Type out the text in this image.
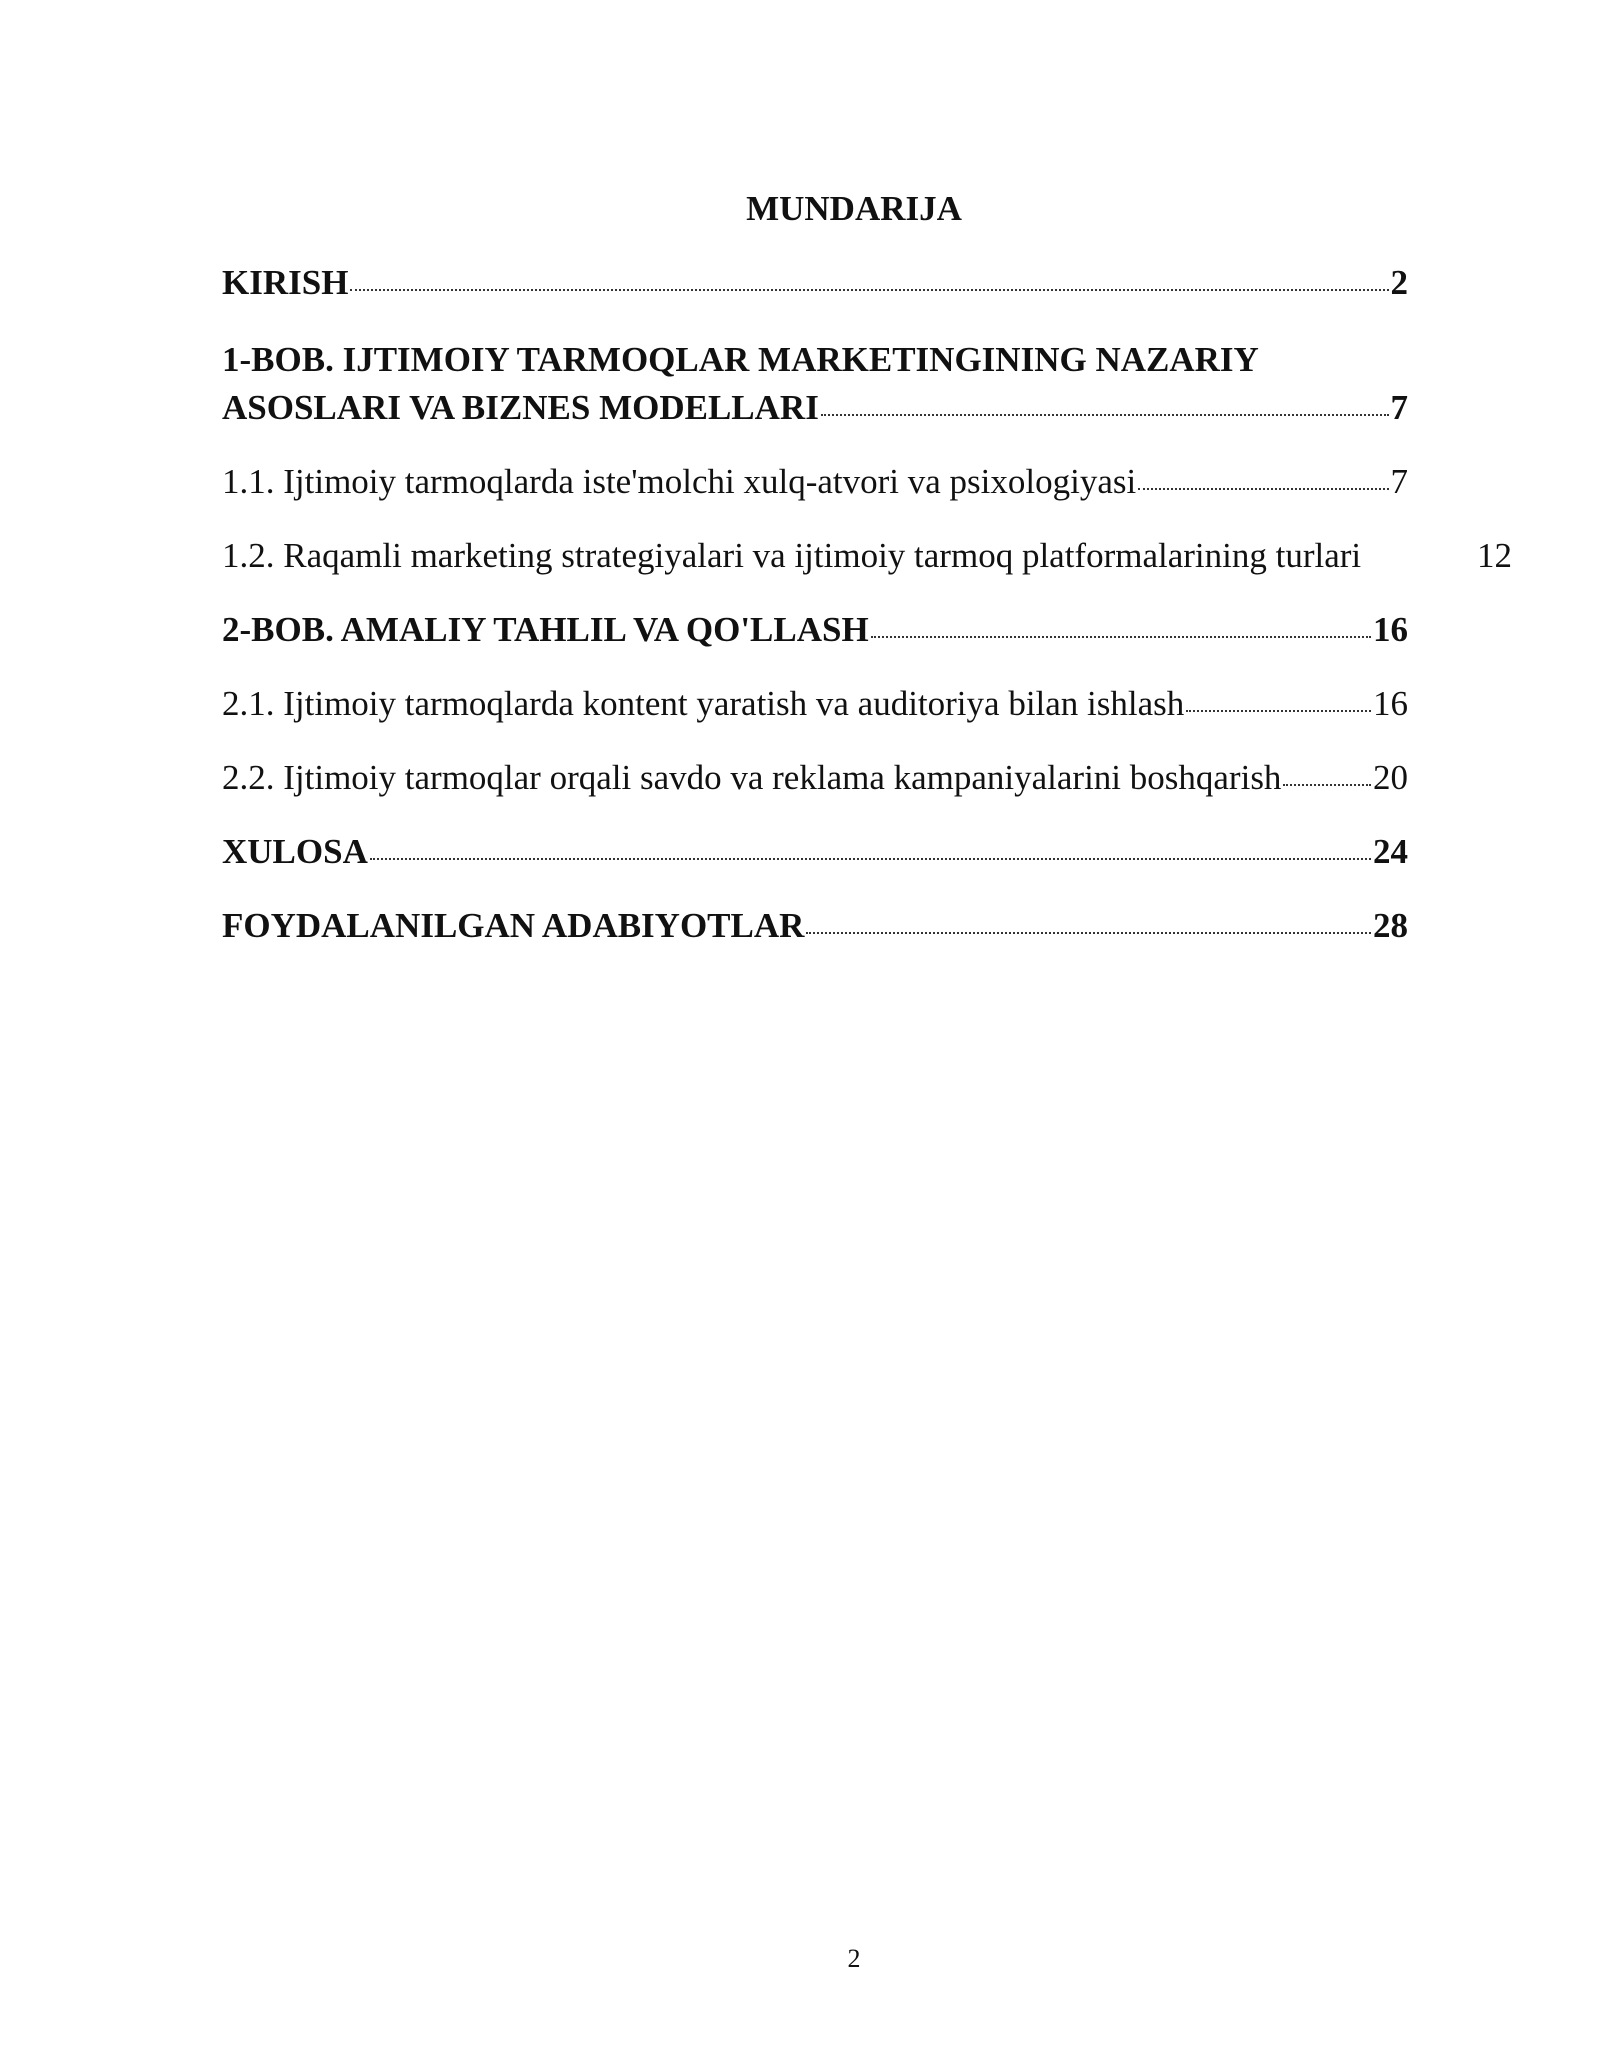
MUNDARIJA
KIRISH	2
1-BOB. IJTIMOIY TARMOQLAR MARKETINGINING NAZARIY
ASOSLARI VA BIZNES MODELLARI	7
1.1. Ijtimoiy tarmoqlarda iste'molchi xulq-atvori va psixologiyasi	7
1.2. Raqamli marketing strategiyalari va ijtimoiy tarmoq platformalarining turlari	12
2-BOB. AMALIY TAHLIL VA QO'LLASH	16
2.1. Ijtimoiy tarmoqlarda kontent yaratish va auditoriya bilan ishlash	16
2.2. Ijtimoiy tarmoqlar orqali savdo va reklama kampaniyalarini boshqarish	20
XULOSA	24
FOYDALANILGAN ADABIYOTLAR	28
2
